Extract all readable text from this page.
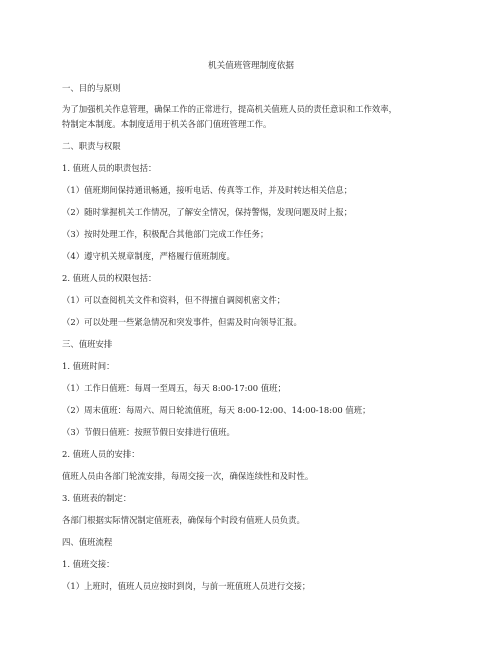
机关值班管理制度依据
一、目的与原则
为了加强机关作息管理，确保工作的正常进行，提高机关值班人员的责任意识和工作效率，
特制定本制度。本制度适用于机关各部门值班管理工作。
二、职责与权限
1. 值班人员的职责包括：
（1）值班期间保持通讯畅通，接听电话、传真等工作，并及时转达相关信息；
（2）随时掌握机关工作情况，了解安全情况，保持警惕，发现问题及时上报；
（3）按时处理工作，积极配合其他部门完成工作任务；
（4）遵守机关规章制度，严格履行值班制度。
2. 值班人员的权限包括：
（1）可以查阅机关文件和资料，但不得擅自调阅机密文件；
（2）可以处理一些紧急情况和突发事件，但需及时向领导汇报。
三、值班安排
1. 值班时间：
（1）工作日值班：每周一至周五，每天 8:00-17:00 值班；
（2）周末值班：每周六、周日轮流值班，每天 8:00-12:00、14:00-18:00 值班；
（3）节假日值班：按照节假日安排进行值班。
2. 值班人员的安排：
值班人员由各部门轮流安排，每周交接一次，确保连续性和及时性。
3. 值班表的制定：
各部门根据实际情况制定值班表，确保每个时段有值班人员负责。
四、值班流程
1. 值班交接：
（1）上班时，值班人员应按时到岗，与前一班值班人员进行交接；
